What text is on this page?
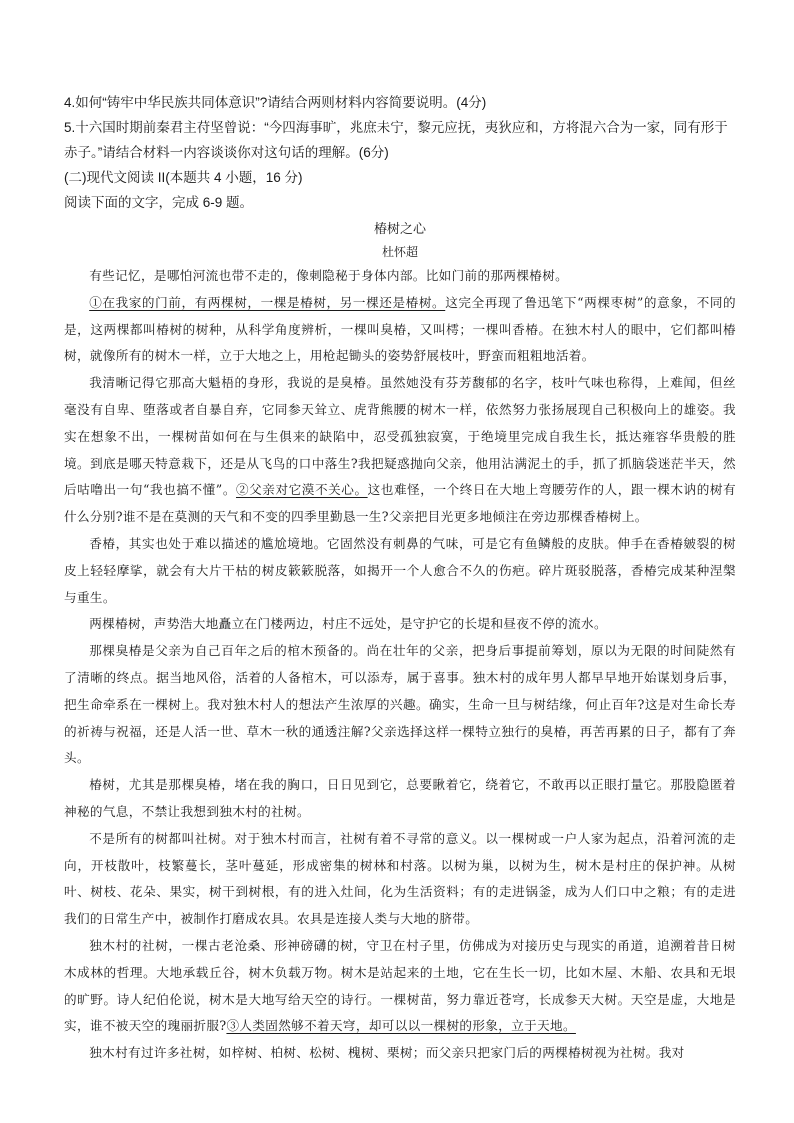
4.如何“铸牢中华民族共同体意识”?请结合两则材料内容简要说明。(4分)

5.十六国时期前秦君主苻坚曾说：“今四海事旷，兆庶未宁，黎元应抚，夷狄应和，方将混六合为一家，同有形于赤子。”请结合材料一内容谈谈你对这句话的理解。(6分)

(二)现代文阅读 II(本题共 4 小题，16 分)

阅读下面的文字，完成 6-9 题。

椿树之心

杜怀超

有些记忆，是哪怕河流也带不走的，像刺隐秘于身体内部。比如门前的那两棵椿树。

①在我家的门前，有两棵树，一棵是椿树，另一棵还是椿树。这完全再现了鲁迅笔下“两棵枣树”的意象，不同的是，这两棵都叫椿树的树种，从科学角度辨析，一棵叫臭椿，又叫樗；一棵叫香椿。在独木村人的眼中，它们都叫椿树，就像所有的树木一样，立于大地之上，用枪起锄头的姿势舒展枝叶，野蛮而粗粗地活着。

我清晰记得它那高大魁梧的身形，我说的是臭椿。虽然她没有芬芳馥郁的名字，枝叶气味也称得，上难闻，但丝毫没有自卑、堕落或者自暴自弃，它同参天耸立、虎背熊腰的树木一样，依然努力张扬展现自己积极向上的雄姿。我实在想象不出，一棵树苗如何在与生俱来的缺陷中，忍受孤独寂寞，于绝境里完成自我生长，抵达雍容华贵般的胜境。到底是哪天特意栽下，还是从飞鸟的口中落生?我把疑惑抛向父亲，他用沾满泥土的手，抓了抓脑袋迷茫半天，然后咕噜出一句“我也搞不懂”。②父亲对它漠不关心。这也难怪，一个终日在大地上弯腰劳作的人，跟一棵木讷的树有什么分别?谁不是在莫测的天气和不变的四季里勤恳一生?父亲把目光更多地倾注在旁边那棵香椿树上。

香椿，其实也处于难以描述的尴尬境地。它固然没有刺鼻的气味，可是它有鱼鳞般的皮肤。伸手在香椿皴裂的树皮上轻轻摩挲，就会有大片干枯的树皮簌簌脱落，如揭开一个人愈合不久的伤疤。碎片斑驳脱落，香椿完成某种涅槃与重生。

两棵椿树，声势浩大地矗立在门楼两边，村庄不远处，是守护它的长堤和昼夜不停的流水。

那棵臭椿是父亲为自己百年之后的棺木预备的。尚在壮年的父亲，把身后事提前筹划，原以为无限的时间陡然有了清晰的终点。据当地风俗，活着的人备棺木，可以添寿，属于喜事。独木村的成年男人都早早地开始谋划身后事，把生命牵系在一棵树上。我对独木村人的想法产生浓厚的兴趣。确实，生命一旦与树结缘，何止百年?这是对生命长寿的祈祷与祝福，还是人活一世、草木一秋的通透注解?父亲选择这样一棵特立独行的臭椿，再苦再累的日子，都有了奔头。

椿树，尤其是那棵臭椿，堵在我的胸口，日日见到它，总要瞅着它，绕着它，不敢再以正眼打量它。那股隐匿着神秘的气息，不禁让我想到独木村的社树。

不是所有的树都叫社树。对于独木村而言，社树有着不寻常的意义。以一棵树或一户人家为起点，沿着河流的走向，开枝散叶，枝繁蔓长，茎叶蔓延，形成密集的树林和村落。以树为巢，以树为生，树木是村庄的保护神。从树叶、树枝、花朵、果实，树干到树根，有的进入灶间，化为生活资料；有的走进锅釜，成为人们口中之粮；有的走进我们的日常生产中，被制作打磨成农具。农具是连接人类与大地的脐带。

独木村的社树，一棵古老沧桑、形神磅礴的树，守卫在村子里，仿佛成为对接历史与现实的甬道，追溯着昔日树木成林的哲理。大地承载丘谷，树木负载万物。树木是站起来的土地，它在生长一切，比如木屋、木船、农具和无垠的旷野。诗人纪伯伦说，树木是大地写给天空的诗行。一棵树苗，努力靠近苍穹，长成参天大树。天空是虚，大地是实，谁不被天空的瑰丽折服?③人类固然够不着天穹，却可以以一棵树的形象，立于天地。

独木村有过许多社树，如梓树、柏树、松树、槐树、栗树；而父亲只把家门后的两棵椿树视为社树。我对
